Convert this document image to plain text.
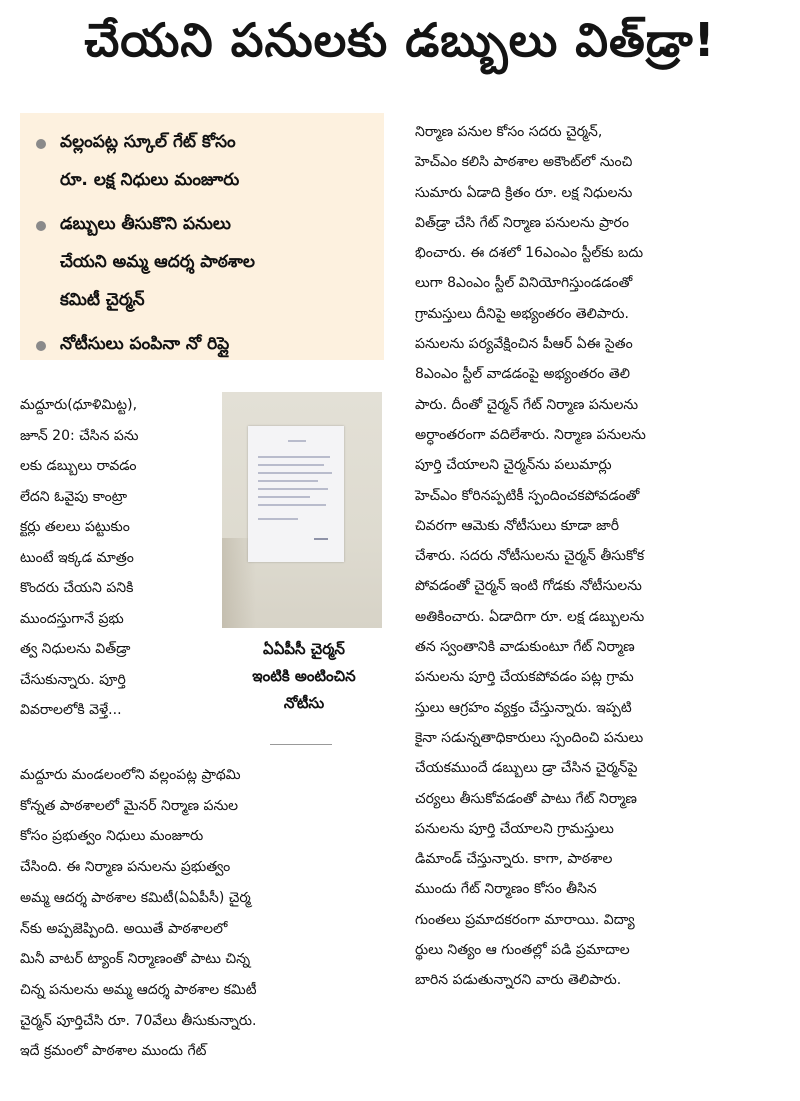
చేయని పనులకు డబ్బులు విత్‌డ్రా!
వల్లంపట్ల స్కూల్ గేట్ కోసం
రూ. లక్ష నిధులు మంజూరు
డబ్బులు తీసుకొని పనులు
చేయని అమ్మ ఆదర్శ పాఠశాల
కమిటీ చైర్మన్
నోటీసులు పంపినా నో రిప్లై
మద్దూరు(ధూళిమిట్ట),
జూన్ 20: చేసిన పను
లకు డబ్బులు రావడం
లేదని ఓవైపు కాంట్రా
క్టర్లు తలలు పట్టుకుం
టుంటే ఇక్కడ మాత్రం
కొందరు చేయని పనికి
ముందస్తుగానే ప్రభు
త్వ నిధులను విత్‌డ్రా
చేసుకున్నారు. పూర్తి
వివరాలలోకి వెళ్తే...
ఏఏపీసీ చైర్మన్
ఇంటికి అంటించిన
నోటీసు
మద్దూరు మండలంలోని వల్లంపట్ల ప్రాథమి
కోన్నత పాఠశాలలో మైనర్ నిర్మాణ పనుల
కోసం ప్రభుత్వం నిధులు మంజూరు
చేసింది. ఈ నిర్మాణ పనులను ప్రభుత్వం
అమ్మ ఆదర్శ పాఠశాల కమిటీ(ఏఏపీసీ) చైర్మ
న్‌కు అప్పజెప్పింది. అయితే పాఠశాలలో
మినీ వాటర్ ట్యాంక్ నిర్మాణంతో పాటు చిన్న
చిన్న పనులను అమ్మ ఆదర్శ పాఠశాల కమిటీ
చైర్మన్ పూర్తిచేసి రూ. 70వేలు తీసుకున్నారు.
ఇదే క్రమంలో పాఠశాల ముందు గేట్
నిర్మాణ పనుల కోసం సదరు చైర్మన్,
హెచ్‌ఎం కలిసి పాఠశాల అకౌంట్‌లో నుంచి
సుమారు ఏడాది క్రితం రూ. లక్ష నిధులను
విత్‌డ్రా చేసి గేట్ నిర్మాణ పనులను ప్రారం
భించారు. ఈ దశలో 16ఎంఎం స్టీల్‌కు బదు
లుగా 8ఎంఎం స్టీల్ వినియోగిస్తుండడంతో
గ్రామస్తులు దీనిపై అభ్యంతరం తెలిపారు.
పనులను పర్యవేక్షించిన పీఆర్ ఏఈ సైతం
8ఎంఎం స్టీల్ వాడడంపై అభ్యంతరం తెలి
పారు. దీంతో చైర్మన్ గేట్ నిర్మాణ పనులను
అర్ధాంతరంగా వదిలేశారు. నిర్మాణ పనులను
పూర్తి చేయాలని చైర్మన్‌ను పలుమార్లు
హెచ్‌ఎం కోరినప్పటికీ స్పందించకపోవడంతో
చివరగా ఆమెకు నోటీసులు కూడా జారీ
చేశారు. సదరు నోటీసులను చైర్మన్ తీసుకోక
పోవడంతో చైర్మన్ ఇంటి గోడకు నోటీసులను
అతికించారు. ఏడాదిగా రూ. లక్ష డబ్బులను
తన స్వంతానికి వాడుకుంటూ గేట్ నిర్మాణ
పనులను పూర్తి చేయకపోవడం పట్ల గ్రామ
స్తులు ఆగ్రహం వ్యక్తం చేస్తున్నారు. ఇప్పటి
కైనా సడున్నతాధికారులు స్పందించి పనులు
చేయకముందే డబ్బులు డ్రా చేసిన చైర్మన్‌పై
చర్యలు తీసుకోవడంతో పాటు గేట్ నిర్మాణ
పనులను పూర్తి చేయాలని గ్రామస్తులు
డిమాండ్ చేస్తున్నారు. కాగా, పాఠశాల
ముందు గేట్ నిర్మాణం కోసం తీసిన
గుంతలు ప్రమాదకరంగా మారాయి. విద్యా
ర్థులు నిత్యం ఆ గుంతల్లో పడి ప్రమాదాల
బారిన పడుతున్నారని వారు తెలిపారు.
